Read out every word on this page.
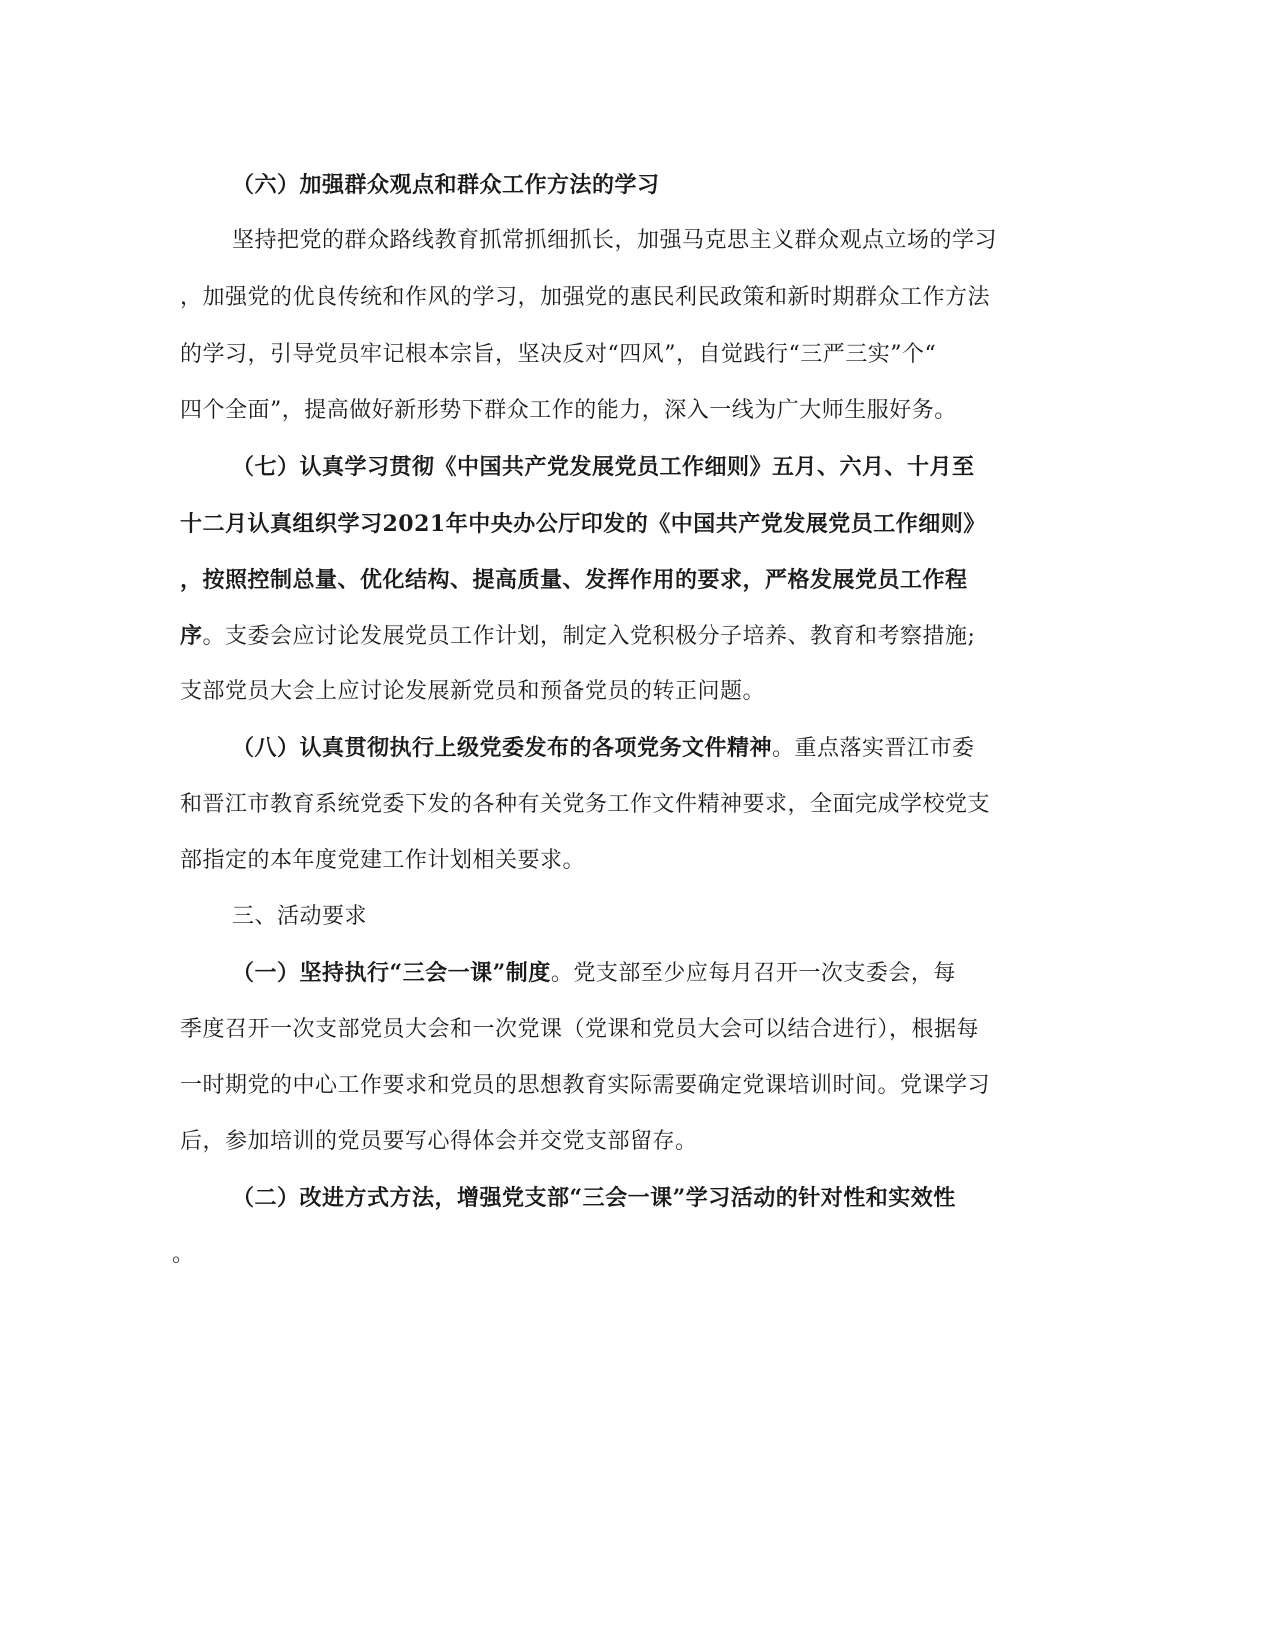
（六）加强群众观点和群众工作方法的学习
坚持把党的群众路线教育抓常抓细抓长，加强马克思主义群众观点立场的学习
，加强党的优良传统和作风的学习，加强党的惠民利民政策和新时期群众工作方法
的学习，引导党员牢记根本宗旨，坚决反对“四风”，自觉践行“三严三实”个“
四个全面”，提高做好新形势下群众工作的能力，深入一线为广大师生服好务。
（七）认真学习贯彻《中国共产党发展党员工作细则》五月、六月、十月至
十二月认真组织学习2021年中央办公厅印发的《中国共产党发展党员工作细则》
，按照控制总量、优化结构、提高质量、发挥作用的要求，严格发展党员工作程
序。支委会应讨论发展党员工作计划，制定入党积极分子培养、教育和考察措施;
支部党员大会上应讨论发展新党员和预备党员的转正问题。
（八）认真贯彻执行上级党委发布的各项党务文件精神。重点落实晋江市委
和晋江市教育系统党委下发的各种有关党务工作文件精神要求，全面完成学校党支
部指定的本年度党建工作计划相关要求。
三、活动要求
（一）坚持执行“三会一课”制度。党支部至少应每月召开一次支委会，每
季度召开一次支部党员大会和一次党课（党课和党员大会可以结合进行），根据每
一时期党的中心工作要求和党员的思想教育实际需要确定党课培训时间。党课学习
后，参加培训的党员要写心得体会并交党支部留存。
（二）改进方式方法，增强党支部“三会一课”学习活动的针对性和实效性
。
